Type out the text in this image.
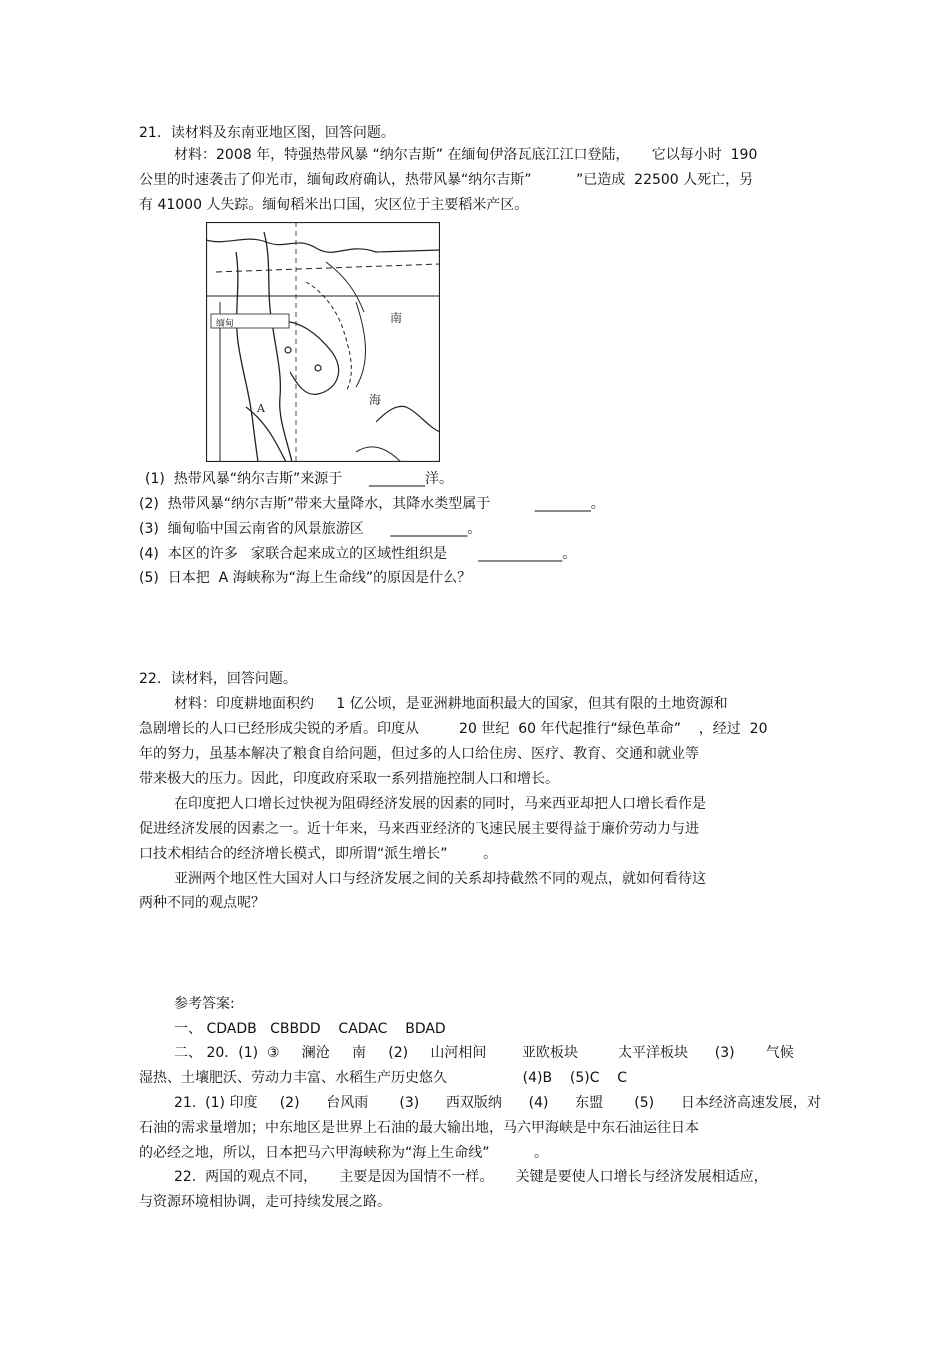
21．读材料及东南亚地区图，回答问题。
材料：2008 年，特强热带风暴 “纳尔吉斯” 在缅甸伊洛瓦底江江口登陆，     它以每小时  190
公里的时速袭击了仰光市，缅甸政府确认，热带风暴“纳尔吉斯”          ”已造成  22500 人死亡，另
有 41000 人失踪。缅甸稻米出口国，灾区位于主要稻米产区。
缅甸	南
海
A
(1)  热带风暴“纳尔吉斯”来源于      ________洋。
(2)  热带风暴“纳尔吉斯”带来大量降水，其降水类型属于          ________。
(3)  缅甸临中国云南省的风景旅游区      ___________。
(4)  本区的许多   家联合起来成立的区域性组织是       ____________。
(5)  日本把  A 海峡称为“海上生命线”的原因是什么？
22．读材料，回答问题。
材料：印度耕地面积约     1 亿公顷，是亚洲耕地面积最大的国家，但其有限的土地资源和
急剧增长的人口已经形成尖锐的矛盾。印度从         20 世纪  60 年代起推行“绿色革命”    ，经过  20
年的努力，虽基本解决了粮食自给问题，但过多的人口给住房、医疗、教育、交通和就业等
带来极大的压力。因此，印度政府采取一系列措施控制人口和增长。
在印度把人口增长过快视为阻碍经济发展的因素的同时，马来西亚却把人口增长看作是
促进经济发展的因素之一。近十年来，马来西亚经济的飞速民展主要得益于廉价劳动力与进
口技术相结合的经济增长模式，即所谓“派生增长”        。
亚洲两个地区性大国对人口与经济发展之间的关系却持截然不同的观点，就如何看待这
两种不同的观点呢？
参考答案:
一、 CDADB   CBBDD    CADAC    BDAD
二、 20．(1)  ③     澜沧     南     (2)     山河相间        亚欧板块         太平洋板块      (3)       气候
湿热、土壤肥沃、劳动力丰富、水稻生产历史悠久                 (4)B    (5)C    C
21.  (1) 印度     (2)      台风雨       (3)      西双版纳      (4)      东盟       (5)      日本经济高速发展，对
石油的需求量增加；中东地区是世界上石油的最大输出地，马六甲海峡是中东石油运往日本
的必经之地，所以，日本把马六甲海峡称为“海上生命线”          。
22.  两国的观点不同，     主要是因为国情不一样。     关键是要使人口增长与经济发展相适应，
与资源环境相协调，走可持续发展之路。
